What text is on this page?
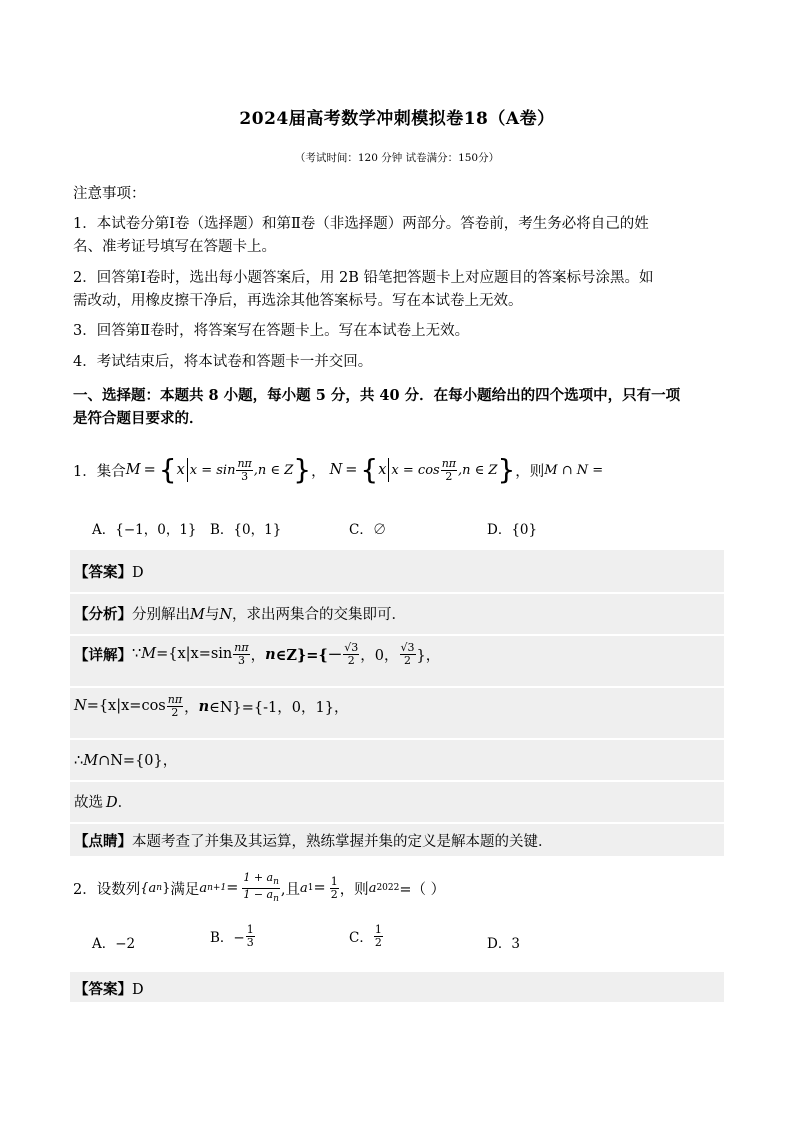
2024届高考数学冲刺模拟卷18（A卷）
（考试时间：120 分钟 试卷满分：150分）
注意事项：
1．本试卷分第Ⅰ卷（选择题）和第Ⅱ卷（非选择题）两部分。答卷前，考生务必将自己的姓
名、准考证号填写在答题卡上。
2．回答第Ⅰ卷时，选出每小题答案后，用 2B 铅笔把答题卡上对应题目的答案标号涂黑。如
需改动，用橡皮擦干净后，再选涂其他答案标号。写在本试卷上无效。
3．回答第Ⅱ卷时，将答案写在答题卡上。写在本试卷上无效。
4．考试结束后，将本试卷和答题卡一并交回。
一、选择题：本题共 8 小题，每小题 5 分，共 40 分．在每小题给出的四个选项中，只有一项
是符合题目要求的．
1．集合 M = { x $x = \sin \frac{n\pi}{3} ,n$ ∈ Z } ， N = { x $x = \cos \frac{n\pi}{2} ,n$ ∈ Z } ，则 M ∩ N =
A．{−1，0，1} B．{0，1}	C．∅	D．{0}
【答案】D
【分析】分别解出M与N，求出两集合的交集即可．
【详解】 ∵ $M =\{x|x=\sin \frac{n\pi}{3}$ ， n ∈Z}={－ $\frac{√3}{2}$ ，0， $\frac{√3}{2}$ }，
$N =\{x|x=\cos \frac{n\pi}{2}$ ， n ∈N}={-1，0，1}，
∴M∩N={0}，
故选 D．
【点睛】本题考查了并集及其运算，熟练掌握并集的定义是解本题的关键．
2．设数列 {a n } 满足 a $n+1 = \frac{1 + a_n}{1 - a_n}$ ,且 a $1 = \frac{1}{2}$ ，则 a 2022 =（ ）
A．−2	B．− $\frac{1}{3}$	C． $\frac{1}{2}$	D．3
【答案】D
